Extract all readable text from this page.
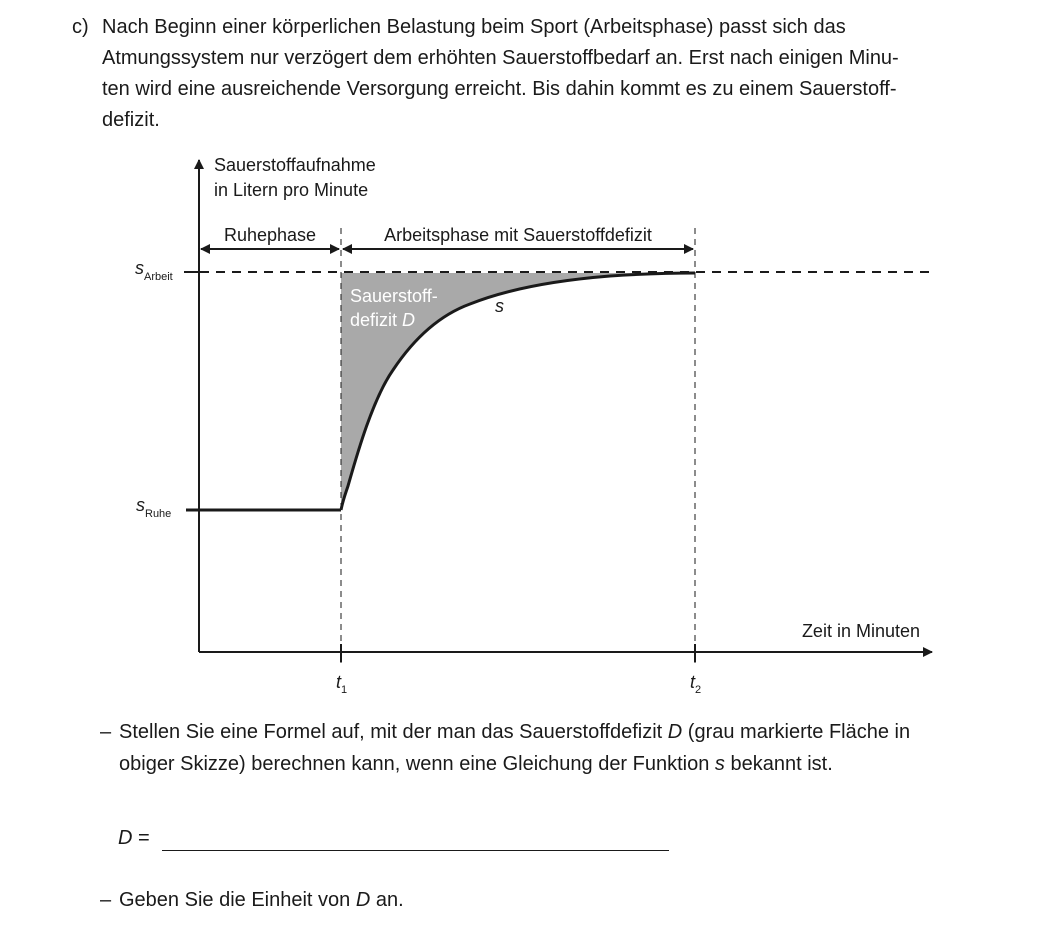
c) Nach Beginn einer körperlichen Belastung beim Sport (Arbeitsphase) passt sich das
Atmungssystem nur verzögert dem erhöhten Sauerstoffbedarf an. Erst nach einigen Minu-
ten wird eine ausreichende Versorgung erreicht. Bis dahin kommt es zu einem Sauerstoff-
defizit.
Sauerstoffaufnahme
in Litern pro Minute
Ruhephase	Arbeitsphase mit Sauerstoffdefizit
Zeit in Minuten
$s_{Arbeit}$
$s_{Ruhe}$
$t_1$	$t_2$
Sauerstoff-
defizit D
s
– Stellen Sie eine Formel auf, mit der man das Sauerstoffdefizit D (grau markierte Fläche in
obiger Skizze) berechnen kann, wenn eine Gleichung der Funktion s bekannt ist.
D =
– Geben Sie die Einheit von D an.
